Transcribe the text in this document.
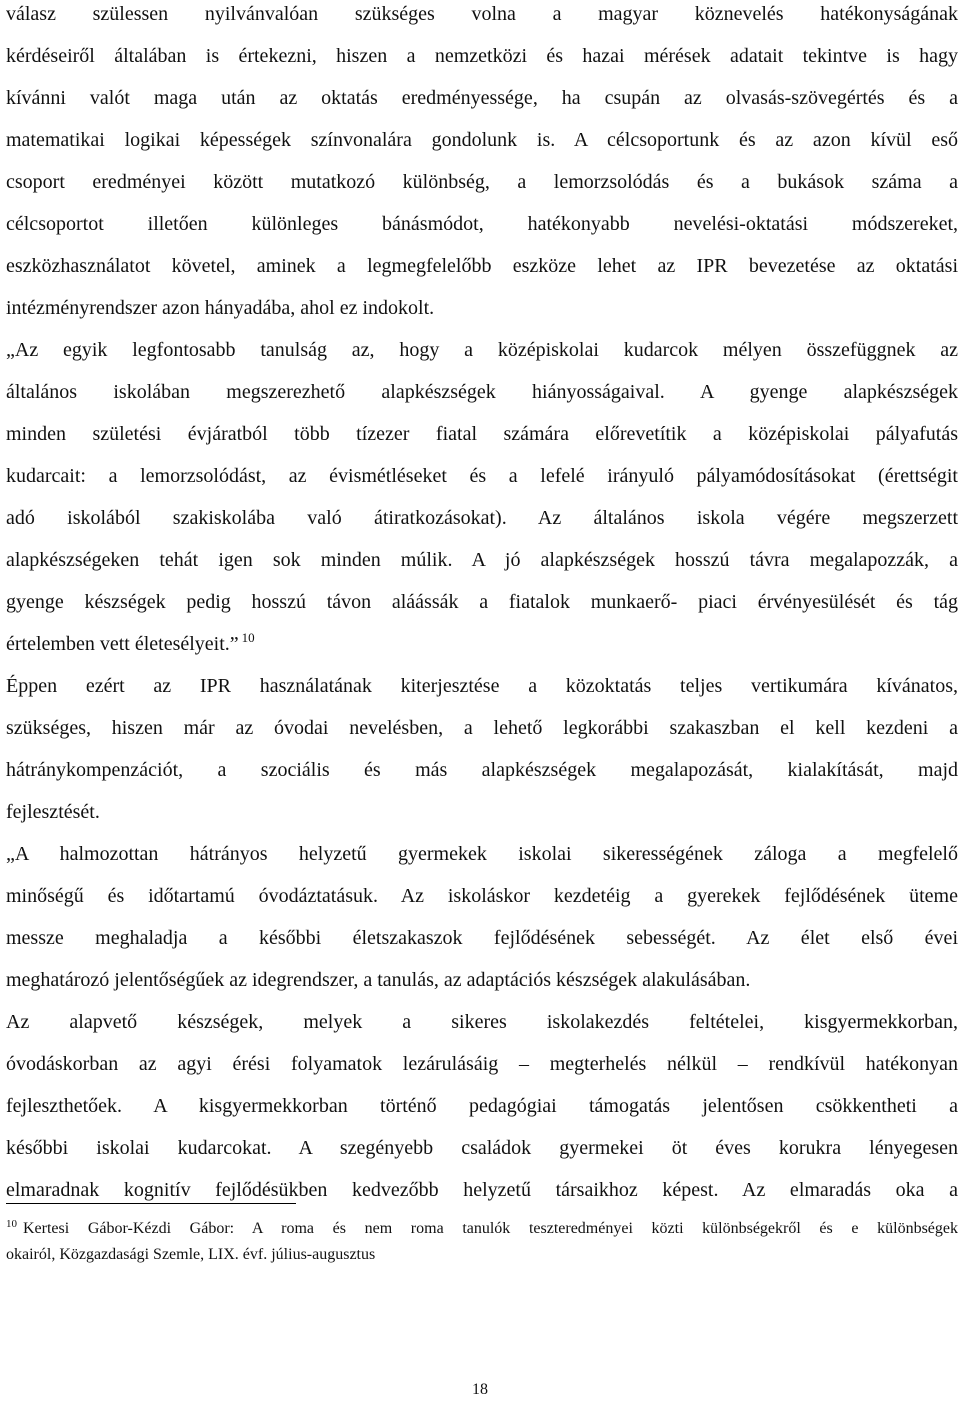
válasz szülessen nyilvánvalóan szükséges volna a magyar köznevelés hatékonyságának
kérdéseiről általában is értekezni, hiszen a nemzetközi és hazai mérések adatait tekintve is hagy
kívánni valót maga után az oktatás eredményessége, ha csupán az olvasás-szövegértés és a
matematikai logikai képességek színvonalára gondolunk is. A célcsoportunk és az azon kívül eső
csoport eredményei között mutatkozó különbség, a lemorzsolódás és a bukások száma a
célcsoportot illetően különleges bánásmódot, hatékonyabb nevelési-oktatási módszereket,
eszközhasználatot követel, aminek a legmegfelelőbb eszköze lehet az IPR bevezetése az oktatási
intézményrendszer azon hányadába, ahol ez indokolt.
„Az egyik legfontosabb tanulság az, hogy a középiskolai kudarcok mélyen összefüggnek az
általános iskolában megszerezhető alapkészségek hiányosságaival. A gyenge alapkészségek
minden születési évjáratból több tízezer fiatal számára előrevetítik a középiskolai pályafutás
kudarcait: a lemorzsolódást, az évismétléseket és a lefelé irányuló pályamódosításokat (érettségit
adó iskolából szakiskolába való átiratkozásokat). Az általános iskola végére megszerzett
alapkészségeken tehát igen sok minden múlik. A jó alapkészségek hosszú távra megalapozzák, a
gyenge készségek pedig hosszú távon aláássák a fiatalok munkaerő- piaci érvényesülését és tág
értelemben vett életesélyeit.” $^{10}$
Éppen ezért az IPR használatának kiterjesztése a közoktatás teljes vertikumára kívánatos,
szükséges, hiszen már az óvodai nevelésben, a lehető legkorábbi szakaszban el kell kezdeni a
hátránykompenzációt, a szociális és más alapkészségek megalapozását, kialakítását, majd
fejlesztését.
„A halmozottan hátrányos helyzetű gyermekek iskolai sikerességének záloga a megfelelő
minőségű és időtartamú óvodáztatásuk. Az iskoláskor kezdetéig a gyerekek fejlődésének üteme
messze meghaladja a későbbi életszakaszok fejlődésének sebességét. Az élet első évei
meghatározó jelentőségűek az idegrendszer, a tanulás, az adaptációs készségek alakulásában.
Az alapvető készségek, melyek a sikeres iskolakezdés feltételei, kisgyermekkorban,
óvodáskorban az agyi érési folyamatok lezárulásáig – megterhelés nélkül – rendkívül hatékonyan
fejleszthetőek. A kisgyermekkorban történő pedagógiai támogatás jelentősen csökkentheti a
későbbi iskolai kudarcokat. A szegényebb családok gyermekei öt éves korukra lényegesen
elmaradnak kognitív fejlődésükben kedvezőbb helyzetű társaikhoz képest. Az elmaradás oka a
$^{10}$ Kertesi Gábor-Kézdi Gábor: A roma és nem roma tanulók teszteredményei közti különbségekről és e különbségek
okairól, Közgazdasági Szemle, LIX. évf. július-augusztus
18
